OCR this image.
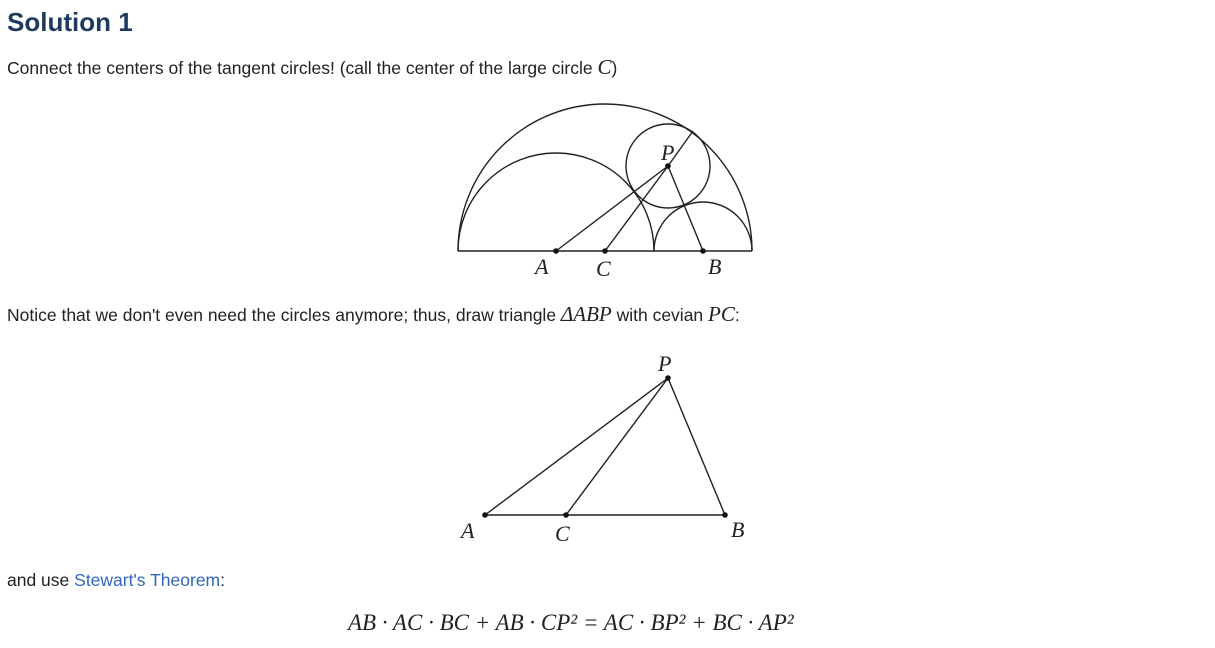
Solution 1

Connect the centers of the tangent circles! (call the center of the large circle C)

P
A C	B

Notice that we don't even need the circles anymore; thus, draw triangle ΔABP with cevian PC:

P
A	C	B

and use Stewart's Theorem:

AB · AC · BC + AB · CP² = AC · BP² + BC · AP²
